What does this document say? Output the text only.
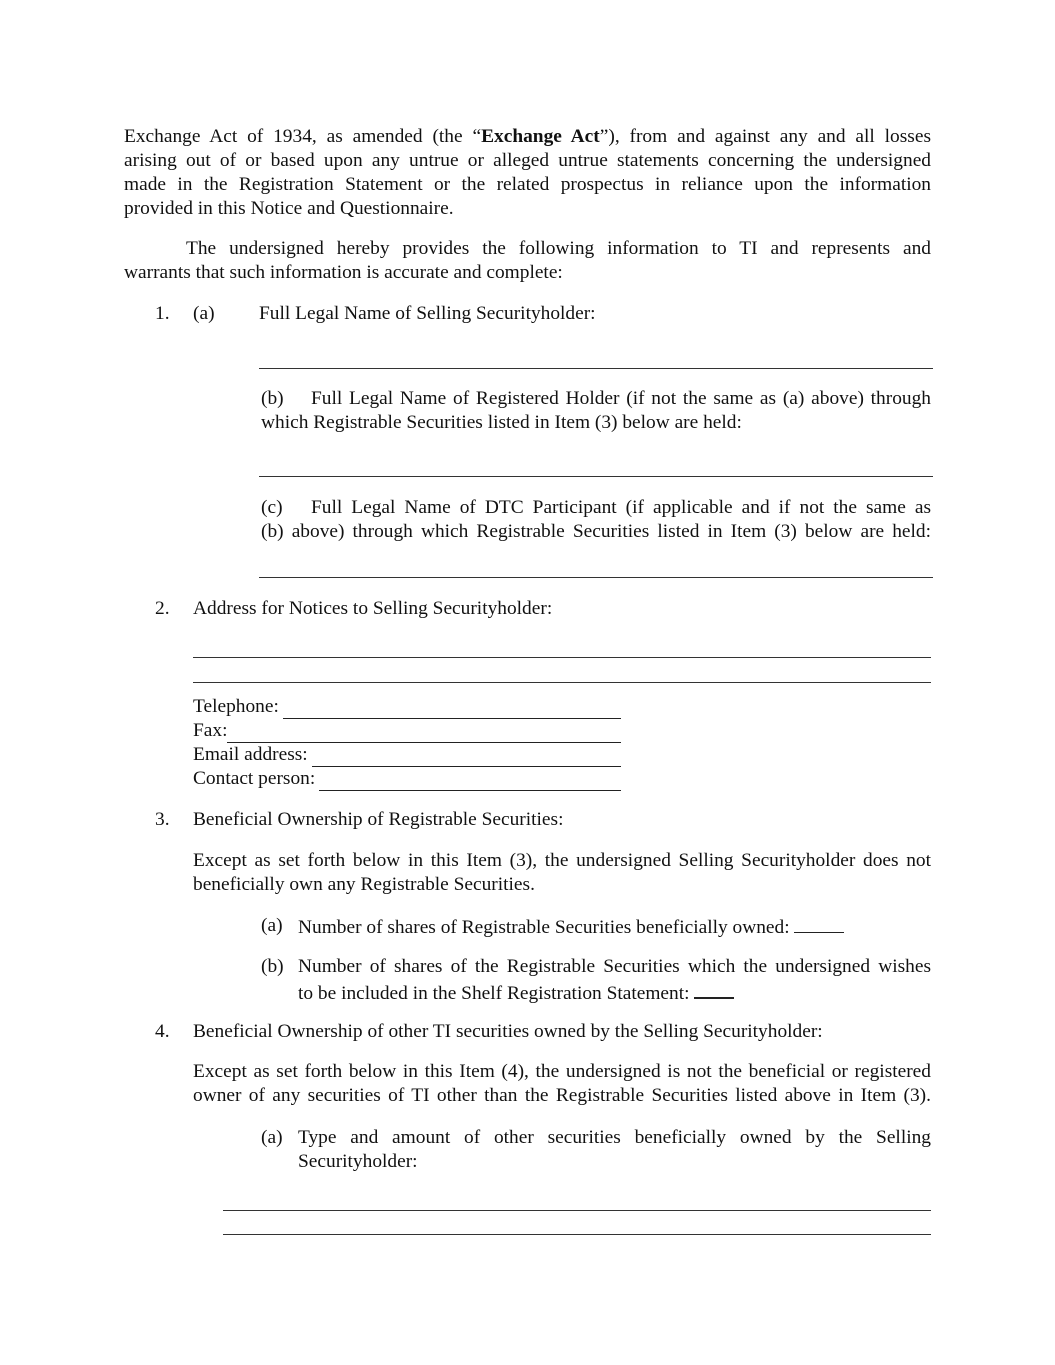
Exchange Act of 1934, as amended (the “Exchange Act”), from and against any and all losses
arising out of or based upon any untrue or alleged untrue statements concerning the undersigned
made in the Registration Statement or the related prospectus in reliance upon the information
provided in this Notice and Questionnaire.
The undersigned hereby provides the following information to TI and represents and
warrants that such information is accurate and complete:
1. (a) Full Legal Name of Selling Securityholder:
(b) Full Legal Name of Registered Holder (if not the same as (a) above) through
which Registrable Securities listed in Item (3) below are held:
(c) Full Legal Name of DTC Participant (if applicable and if not the same as
(b) above) through which Registrable Securities listed in Item (3) below are held:
2. Address for Notices to Selling Securityholder:
Telephone:
Fax:
Email address:
Contact person:
3. Beneficial Ownership of Registrable Securities:
Except as set forth below in this Item (3), the undersigned Selling Securityholder does not
beneficially own any Registrable Securities.
(a) Number of shares of Registrable Securities beneficially owned:
(b) Number of shares of the Registrable Securities which the undersigned wishes
to be included in the Shelf Registration Statement:
4. Beneficial Ownership of other TI securities owned by the Selling Securityholder:
Except as set forth below in this Item (4), the undersigned is not the beneficial or registered
owner of any securities of TI other than the Registrable Securities listed above in Item (3).
(a) Type and amount of other securities beneficially owned by the Selling
Securityholder:
